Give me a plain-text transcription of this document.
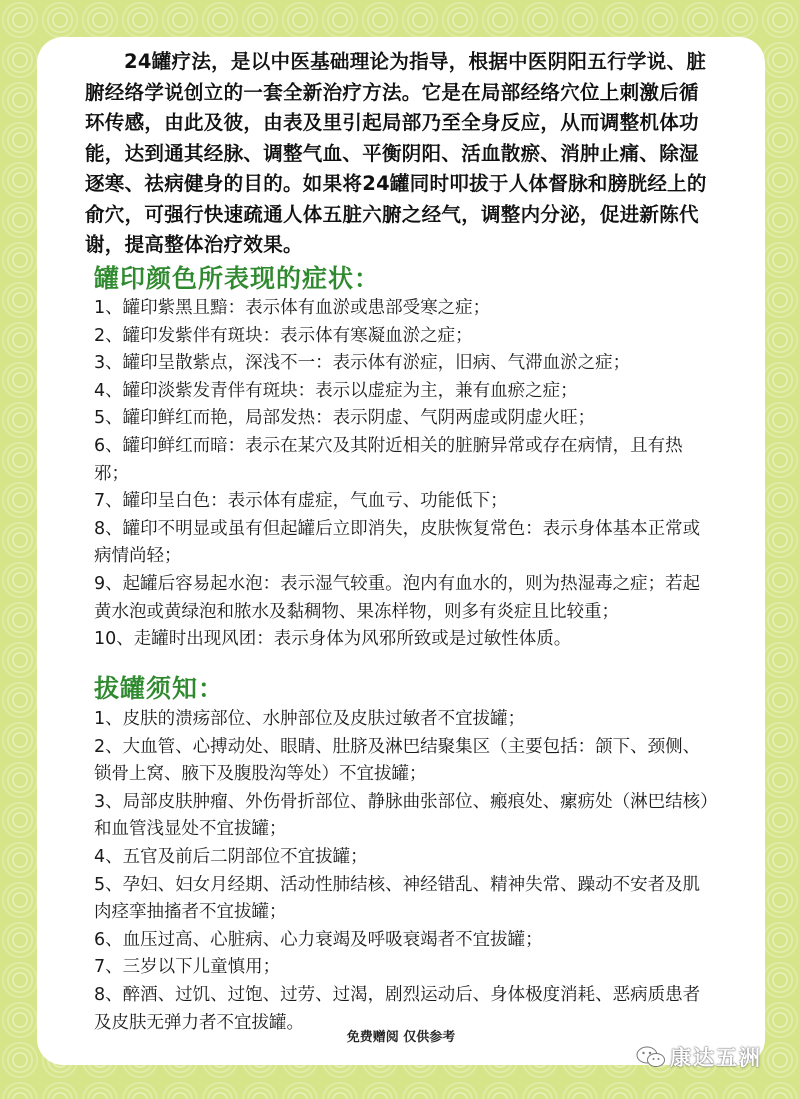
24罐疗法，是以中医基础理论为指导，根据中医阴阳五行学说、脏腑经络学说创立的一套全新治疗方法。它是在局部经络穴位上刺激后循环传感，由此及彼，由表及里引起局部乃至全身反应，从而调整机体功能，达到通其经脉、调整气血、平衡阴阳、活血散瘀、消肿止痛、除湿逐寒、祛病健身的目的。如果将24罐同时叩拔于人体督脉和膀胱经上的俞穴，可强行快速疏通人体五脏六腑之经气，调整内分泌，促进新陈代谢，提高整体治疗效果。

罐印颜色所表现的症状：
1、罐印紫黑且黯：表示体有血淤或患部受寒之症；
2、罐印发紫伴有斑块：表示体有寒凝血淤之症；
3、罐印呈散紫点，深浅不一：表示体有淤症，旧病、气滞血淤之症；
4、罐印淡紫发青伴有斑块：表示以虚症为主，兼有血瘀之症；
5、罐印鲜红而艳，局部发热：表示阴虚、气阴两虚或阴虚火旺；
6、罐印鲜红而暗：表示在某穴及其附近相关的脏腑异常或存在病情，且有热邪；
7、罐印呈白色：表示体有虚症，气血亏、功能低下；
8、罐印不明显或虽有但起罐后立即消失，皮肤恢复常色：表示身体基本正常或病情尚轻；
9、起罐后容易起水泡：表示湿气较重。泡内有血水的，则为热湿毒之症；若起黄水泡或黄绿泡和脓水及黏稠物、果冻样物，则多有炎症且比较重；
10、走罐时出现风团：表示身体为风邪所致或是过敏性体质。
拔罐须知：
1、皮肤的溃疡部位、水肿部位及皮肤过敏者不宜拔罐；
2、大血管、心搏动处、眼睛、肚脐及淋巴结聚集区（主要包括：颌下、颈侧、锁骨上窝、腋下及腹股沟等处）不宜拔罐；
3、局部皮肤肿瘤、外伤骨折部位、静脉曲张部位、瘢痕处、瘰疬处（淋巴结核）和血管浅显处不宜拔罐；
4、五官及前后二阴部位不宜拔罐；
5、孕妇、妇女月经期、活动性肺结核、神经错乱、精神失常、躁动不安者及肌肉痉挛抽搐者不宜拔罐；
6、血压过高、心脏病、心力衰竭及呼吸衰竭者不宜拔罐；
7、三岁以下儿童慎用；
8、醉酒、过饥、过饱、过劳、过渴，剧烈运动后、身体极度消耗、恶病质患者及皮肤无弹力者不宜拔罐。

免费赠阅 仅供参考

康达五洲
